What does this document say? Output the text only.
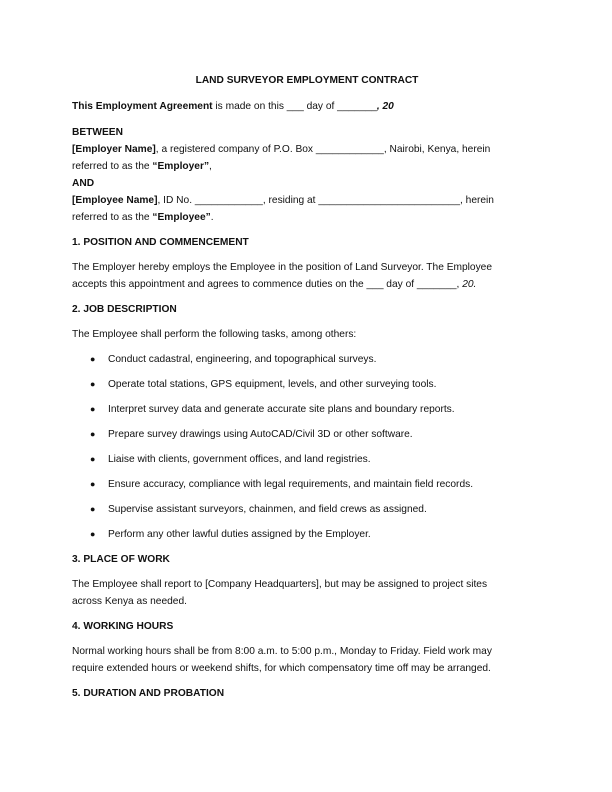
LAND SURVEYOR EMPLOYMENT CONTRACT

This Employment Agreement is made on this ___ day of _______, 20

BETWEEN

[Employer Name], a registered company of P.O. Box ____________, Nairobi, Kenya, herein

referred to as the “Employer”,

AND

[Employee Name], ID No. ____________, residing at _________________________, herein

referred to as the “Employee”.

1. POSITION AND COMMENCEMENT

The Employer hereby employs the Employee in the position of Land Surveyor. The Employee

accepts this appointment and agrees to commence duties on the ___ day of _______, 20.

2. JOB DESCRIPTION

The Employee shall perform the following tasks, among others:

● Conduct cadastral, engineering, and topographical surveys.
● Operate total stations, GPS equipment, levels, and other surveying tools.
● Interpret survey data and generate accurate site plans and boundary reports.
● Prepare survey drawings using AutoCAD/Civil 3D or other software.
● Liaise with clients, government offices, and land registries.
● Ensure accuracy, compliance with legal requirements, and maintain field records.
● Supervise assistant surveyors, chainmen, and field crews as assigned.
● Perform any other lawful duties assigned by the Employer.

3. PLACE OF WORK

The Employee shall report to [Company Headquarters], but may be assigned to project sites

across Kenya as needed.

4. WORKING HOURS

Normal working hours shall be from 8:00 a.m. to 5:00 p.m., Monday to Friday. Field work may

require extended hours or weekend shifts, for which compensatory time off may be arranged.

5. DURATION AND PROBATION
